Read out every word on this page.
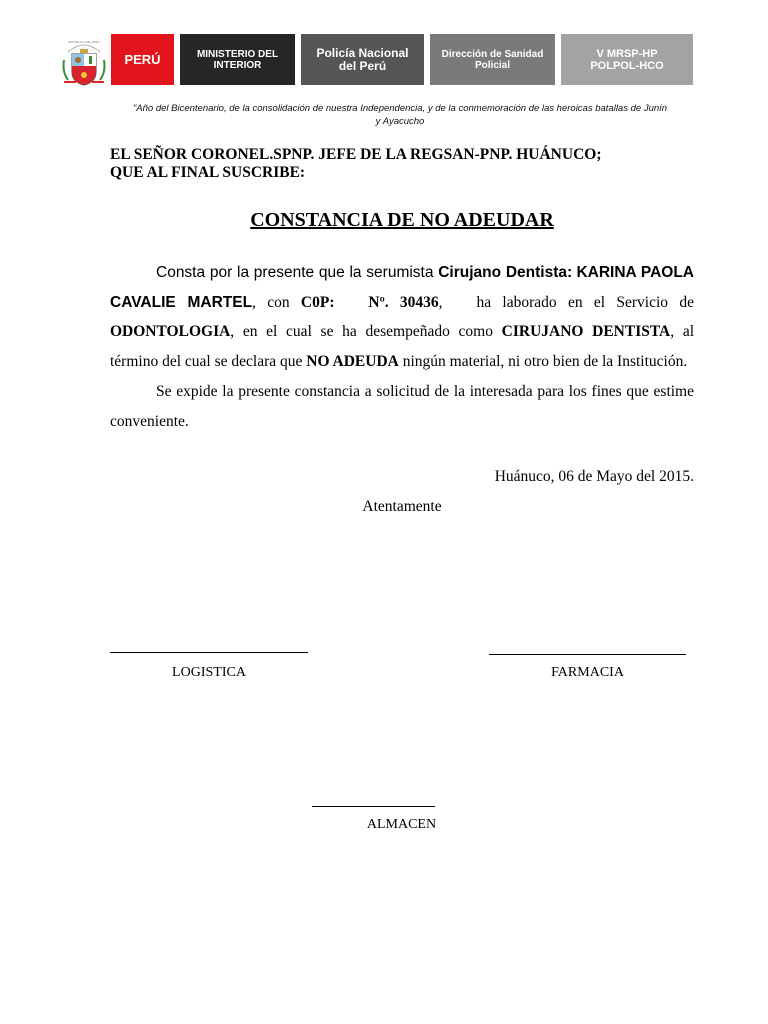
REPÚBLICA DEL PERÚ
PERÚ	MINISTERIO DEL
INTERIOR
Policía Nacional
del Perú
Dirección de Sanidad
Policial
V MRSP-HP
POLPOL-HCO
"Año del Bicentenario, de la consolidación de nuestra Independencia, y de la conmemoración de las heroicas batallas de Junín y Ayacucho
EL SEÑOR CORONEL.SPNP. JEFE DE LA REGSAN-PNP. HUÁNUCO;
QUE AL FINAL SUSCRIBE:
CONSTANCIA DE NO ADEUDAR

Consta por la presente que la serumista Cirujano Dentista: KARINA PAOLA CAVALIE MARTEL, con C0P:   Nº. 30436,   ha laborado en el Servicio de ODONTOLOGIA, en el cual se ha desempeñado como CIRUJANO DENTISTA, al término del cual se declara que NO ADEUDA ningún material, ni otro bien de la Institución.

Se expide la presente constancia a solicitud de la interesada para los fines que estime conveniente.

Huánuco, 06 de Mayo del 2015.
Atentamente
LOGISTICA	FARMACIA
ALMACEN
